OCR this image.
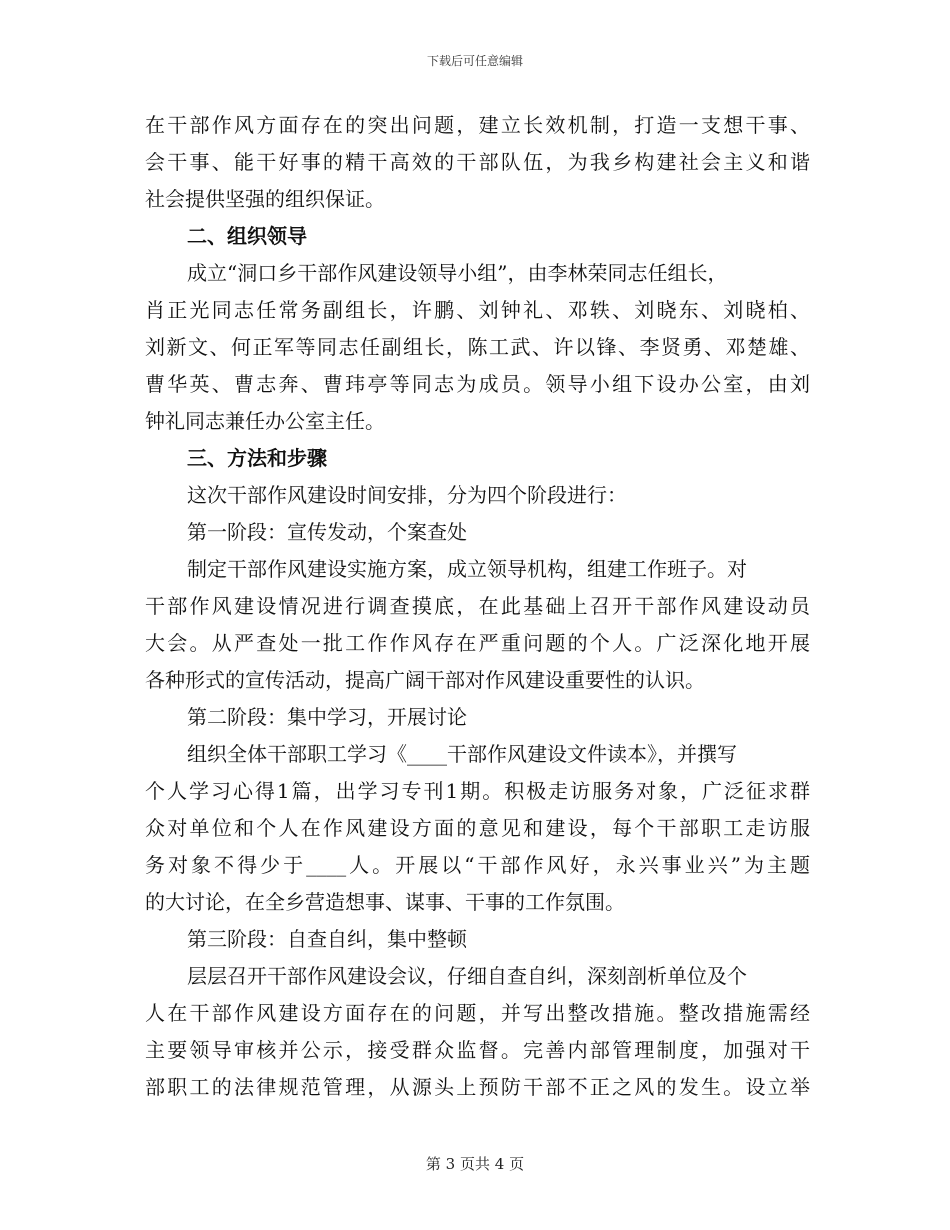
下载后可任意编辑
在干部作风方面存在的突出问题，建立长效机制，打造一支想干事、
会干事、能干好事的精干高效的干部队伍，为我乡构建社会主义和谐
社会提供坚强的组织保证。
二、组织领导
成立“洞口乡干部作风建设领导小组”，由李林荣同志任组长，
肖正光同志任常务副组长，许鹏、刘钟礼、邓轶、刘晓东、刘晓柏、
刘新文、何正军等同志任副组长，陈工武、许以锋、李贤勇、邓楚雄、
曹华英、曹志奔、曹玮亭等同志为成员。领导小组下设办公室，由刘
钟礼同志兼任办公室主任。
三、方法和步骤
这次干部作风建设时间安排，分为四个阶段进行：
第一阶段：宣传发动，个案查处
制定干部作风建设实施方案，成立领导机构，组建工作班子。对
干部作风建设情况进行调查摸底，在此基础上召开干部作风建设动员
大会。从严查处一批工作作风存在严重问题的个人。广泛深化地开展
各种形式的宣传活动，提高广阔干部对作风建设重要性的认识。
第二阶段：集中学习，开展讨论
组织全体干部职工学习《____干部作风建设文件读本》，并撰写
个人学习心得1篇，出学习专刊1期。积极走访服务对象，广泛征求群
众对单位和个人在作风建设方面的意见和建设，每个干部职工走访服
务对象不得少于____人。开展以“干部作风好，永兴事业兴”为主题
的大讨论，在全乡营造想事、谋事、干事的工作氛围。
第三阶段：自查自纠，集中整顿
层层召开干部作风建设会议，仔细自查自纠，深刻剖析单位及个
人在干部作风建设方面存在的问题，并写出整改措施。整改措施需经
主要领导审核并公示，接受群众监督。完善内部管理制度，加强对干
部职工的法律规范管理，从源头上预防干部不正之风的发生。设立举
第 3 页共 4 页
